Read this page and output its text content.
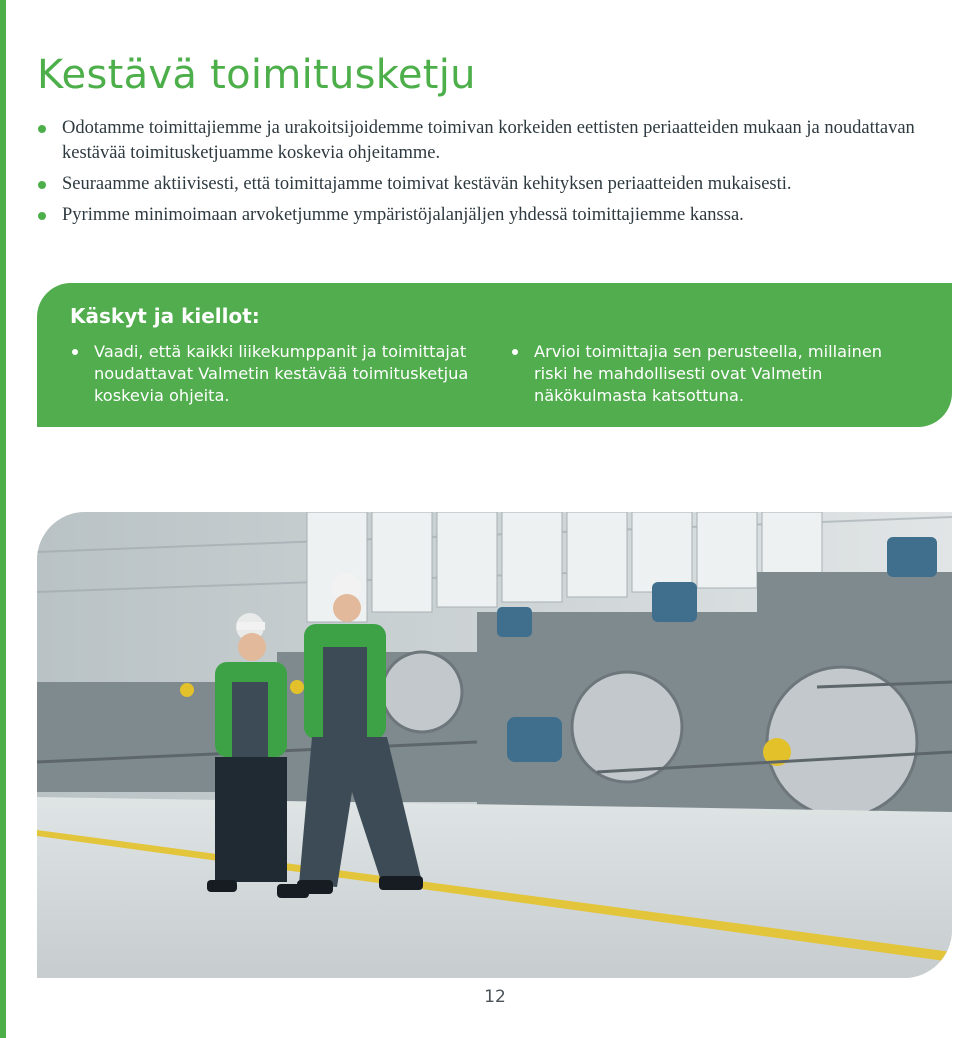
Kestävä toimitusketju
Odotamme toimittajiemme ja urakoitsijoidemme toimivan korkeiden eettisten periaatteiden mukaan ja noudattavan kestävää toimitusketjuamme koskevia ohjeitamme.
Seuraamme aktiivisesti, että toimittajamme toimivat kestävän kehityksen periaatteiden mukaisesti.
Pyrimme minimoimaan arvoketjumme ympäristöjalanjäljen yhdessä toimittajiemme kanssa.
Käskyt ja kiellot:
Vaadi, että kaikki liikekumppanit ja toimittajat noudattavat Valmetin kestävää toimitusketjua koskevia ohjeita.
Arvioi toimittajia sen perusteella, millainen riski he mahdollisesti ovat Valmetin näkökulmasta katsottuna.
12
